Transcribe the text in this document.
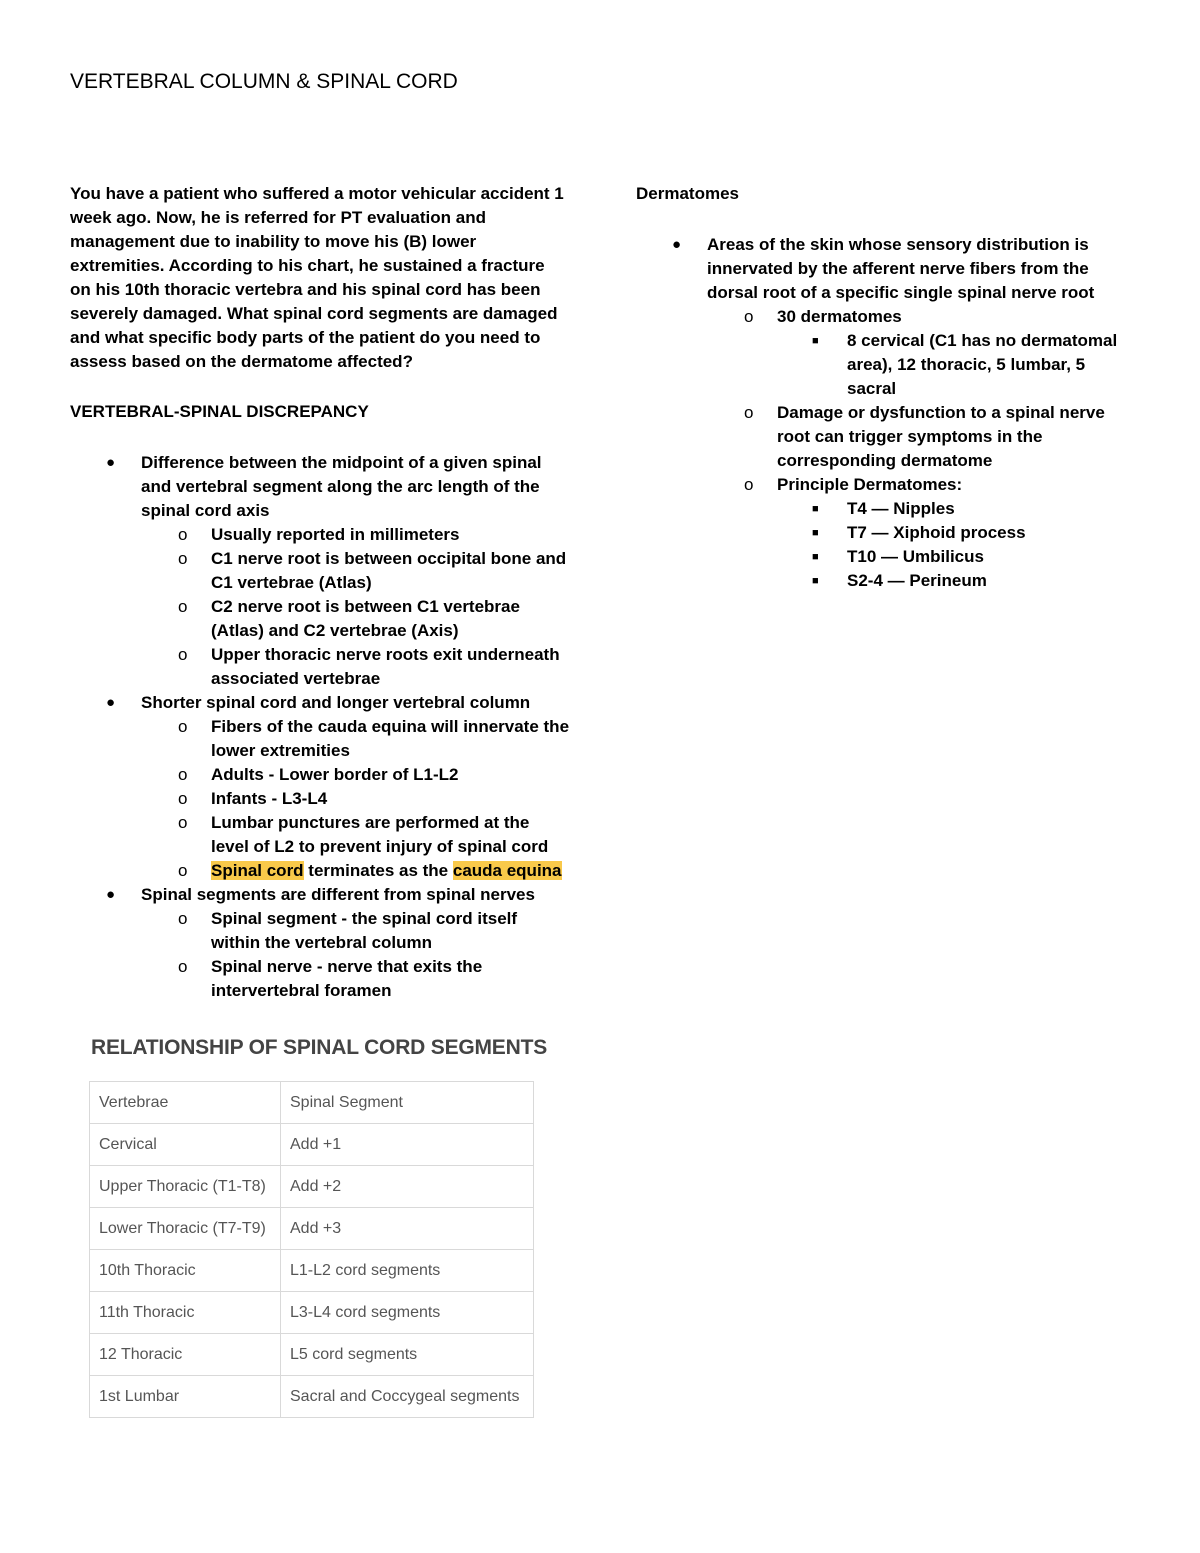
VERTEBRAL COLUMN & SPINAL CORD

You have a patient who suffered a motor vehicular accident 1 week ago. Now, he is referred for PT evaluation and management due to inability to move his (B) lower extremities. According to his chart, he sustained a fracture on his 10th thoracic vertebra and his spinal cord has been severely damaged. What spinal cord segments are damaged and what specific body parts of the patient do you need to assess based on the dermatome affected?

VERTEBRAL-SPINAL DISCREPANCY

● Difference between the midpoint of a given spinal and vertebral segment along the arc length of the spinal cord axis
o Usually reported in millimeters
o C1 nerve root is between occipital bone and C1 vertebrae (Atlas)
o C2 nerve root is between C1 vertebrae (Atlas) and C2 vertebrae (Axis)
o Upper thoracic nerve roots exit underneath associated vertebrae
● Shorter spinal cord and longer vertebral column
o Fibers of the cauda equina will innervate the lower extremities
o Adults - Lower border of L1-L2
o Infants - L3-L4
o Lumbar punctures are performed at the level of L2 to prevent injury of spinal cord
o Spinal cord terminates as the cauda equina
● Spinal segments are different from spinal nerves
o Spinal segment - the spinal cord itself within the vertebral column
o Spinal nerve - nerve that exits the intervertebral foramen

Dermatomes

● Areas of the skin whose sensory distribution is innervated by the afferent nerve fibers from the dorsal root of a specific single spinal nerve root
o 30 dermatomes
■ 8 cervical (C1 has no dermatomal area), 12 thoracic, 5 lumbar, 5 sacral
o Damage or dysfunction to a spinal nerve root can trigger symptoms in the corresponding dermatome
o Principle Dermatomes:
■ T4 — Nipples
■ T7 — Xiphoid process
■ T10 — Umbilicus
■ S2-4 — Perineum
RELATIONSHIP OF SPINAL CORD SEGMENTS
Vertebrae	Spinal Segment
Cervical	Add +1
Upper Thoracic (T1-T8)	Add +2
Lower Thoracic (T7-T9)	Add +3
10th Thoracic	L1-L2 cord segments
11th Thoracic	L3-L4 cord segments
12 Thoracic	L5 cord segments
1st Lumbar	Sacral and Coccygeal segments
